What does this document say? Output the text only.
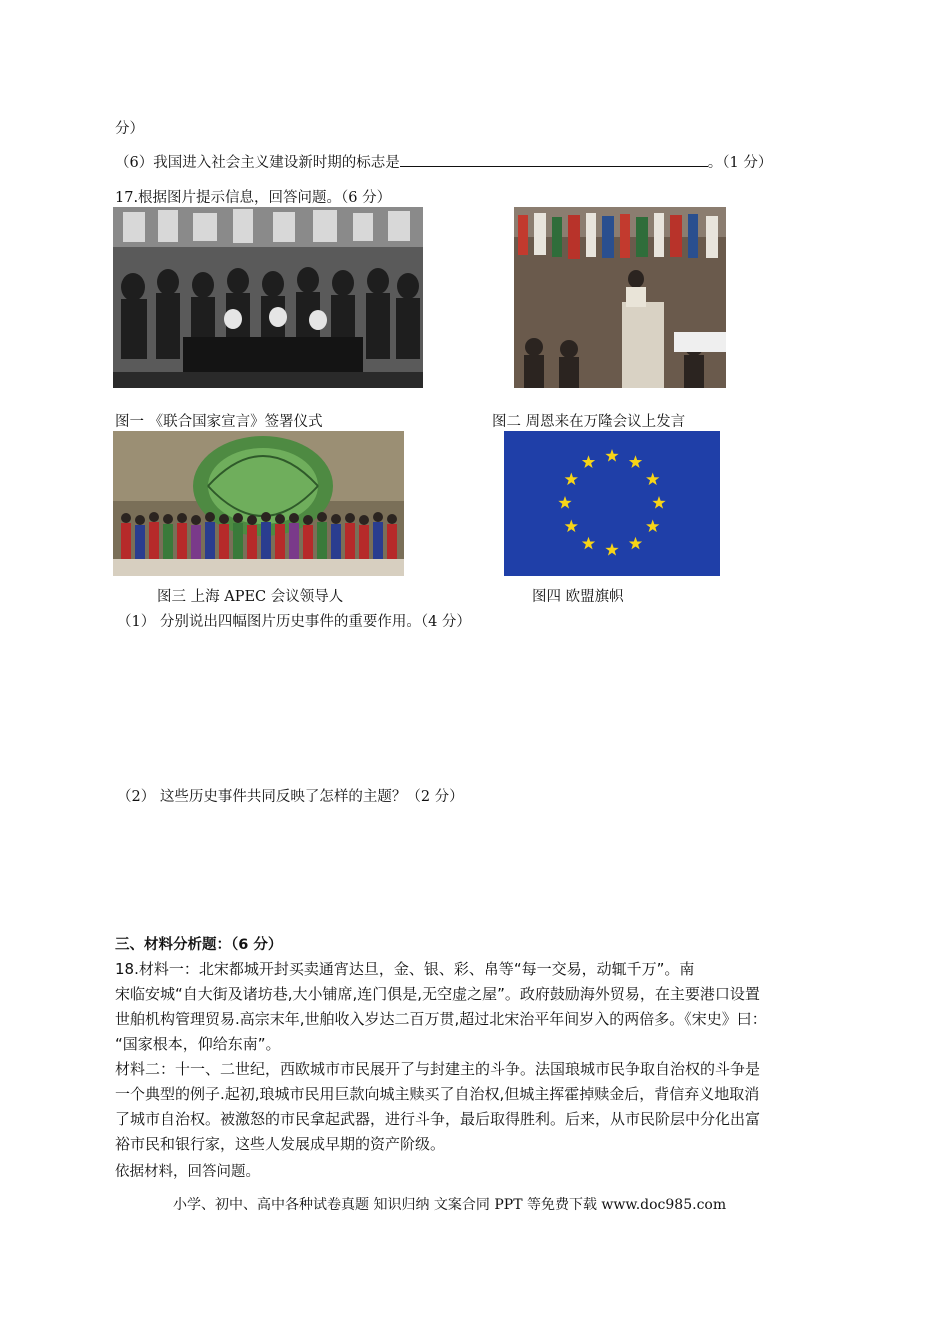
分）
（6）我国进入社会主义建设新时期的标志是	。（1 分）
17.根据图片提示信息，回答问题。（6 分）
图一 《联合国家宣言》签署仪式	图二 周恩来在万隆会议上发言
图三 上海 APEC 会议领导人	图四 欧盟旗帜
（1） 分别说出四幅图片历史事件的重要作用。（4 分）
（2） 这些历史事件共同反映了怎样的主题？（2 分）
三、材料分析题：（6 分）
18.材料一：北宋都城开封买卖通宵达旦，金、银、彩、帛等“每一交易，动辄千万”。南
宋临安城“自大街及诸坊巷,大小铺席,连门俱是,无空虚之屋”。政府鼓励海外贸易，在主要港口设置
世舶机构管理贸易.高宗末年,世舶收入岁达二百万贯,超过北宋治平年间岁入的两倍多。《宋史》曰：
“国家根本，仰给东南”。
材料二：十一、二世纪，西欧城市市民展开了与封建主的斗争。法国琅城市民争取自治权的斗争是
一个典型的例子.起初,琅城市民用巨款向城主赎买了自治权,但城主挥霍掉赎金后，背信弃义地取消
了城市自治权。被激怒的市民拿起武器，进行斗争，最后取得胜利。后来，从市民阶层中分化出富
裕市民和银行家，这些人发展成早期的资产阶级。
依据材料，回答问题。
小学、初中、高中各种试卷真题 知识归纳 文案合同 PPT 等免费下载 www.doc985.com
